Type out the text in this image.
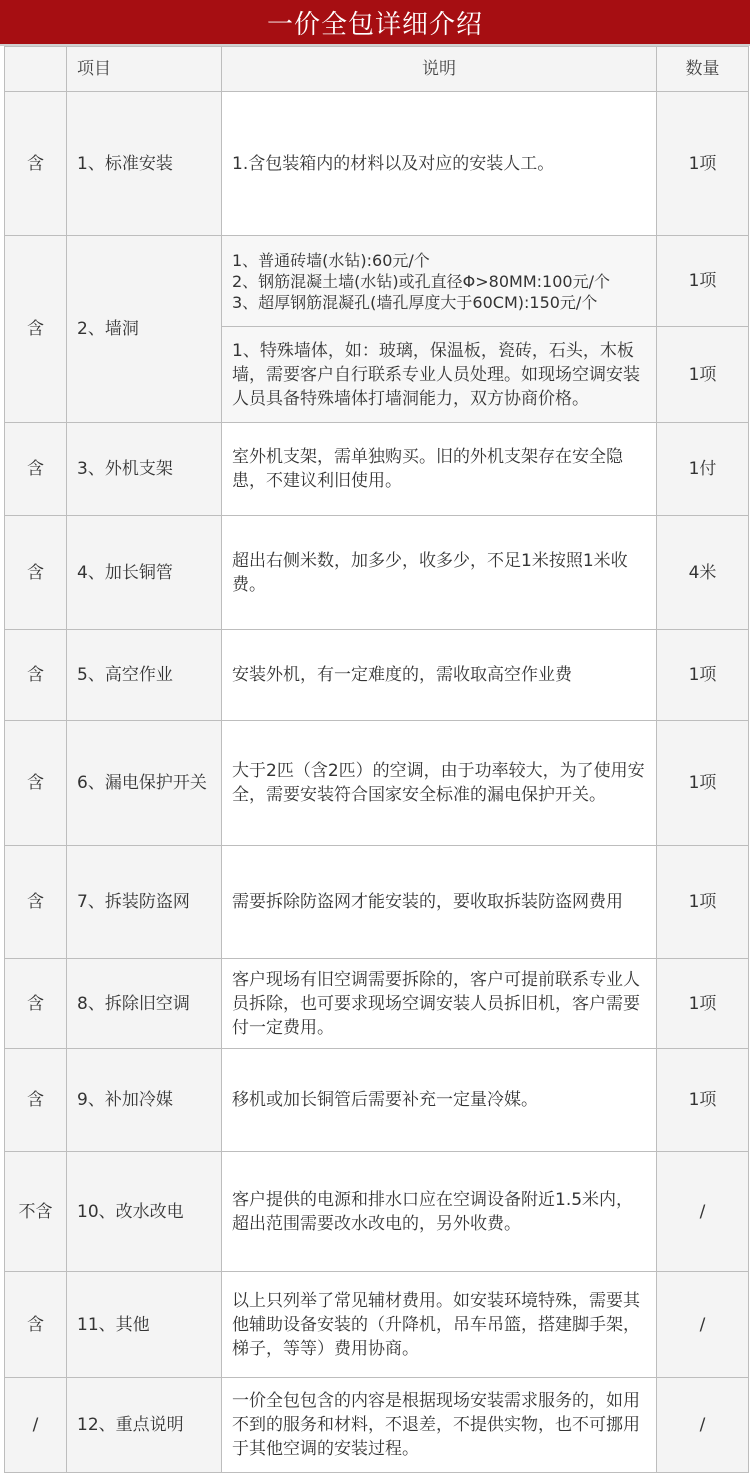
一价全包详细介绍
	项目	说明	数量
含	1、标准安装	1.含包装箱内的材料以及对应的安装人工。	1项
含	2、墙洞	1、普通砖墙(水钻):60元/个
2、钢筋混凝土墙(水钻)或孔直径Φ>80MM:100元/个
3、超厚钢筋混凝孔(墙孔厚度大于60CM):150元/个	1项
		1、特殊墙体，如：玻璃，保温板，瓷砖，石头，木板墙，需要客户自行联系专业人员处理。如现场空调安装人员具备特殊墙体打墙洞能力，双方协商价格。	1项
含	3、外机支架	室外机支架，需单独购买。旧的外机支架存在安全隐患，不建议利旧使用。	1付
含	4、加长铜管	超出右侧米数，加多少，收多少，不足1米按照1米收费。	4米
含	5、高空作业	安装外机，有一定难度的，需收取高空作业费	1项
含	6、漏电保护开关	大于2匹（含2匹）的空调，由于功率较大，为了使用安全，需要安装符合国家安全标准的漏电保护开关。	1项
含	7、拆装防盗网	需要拆除防盗网才能安装的，要收取拆装防盗网费用	1项
含	8、拆除旧空调	客户现场有旧空调需要拆除的，客户可提前联系专业人员拆除，也可要求现场空调安装人员拆旧机，客户需要付一定费用。	1项
含	9、补加冷媒	移机或加长铜管后需要补充一定量冷媒。	1项
不含	10、改水改电	客户提供的电源和排水口应在空调设备附近1.5米内，超出范围需要改水改电的，另外收费。	/
含	11、其他	以上只列举了常见辅材费用。如安装环境特殊，需要其他辅助设备安装的（升降机，吊车吊篮，搭建脚手架，梯子，等等）费用协商。	/
/	12、重点说明	一价全包包含的内容是根据现场安装需求服务的，如用不到的服务和材料，不退差，不提供实物，也不可挪用于其他空调的安装过程。	/
